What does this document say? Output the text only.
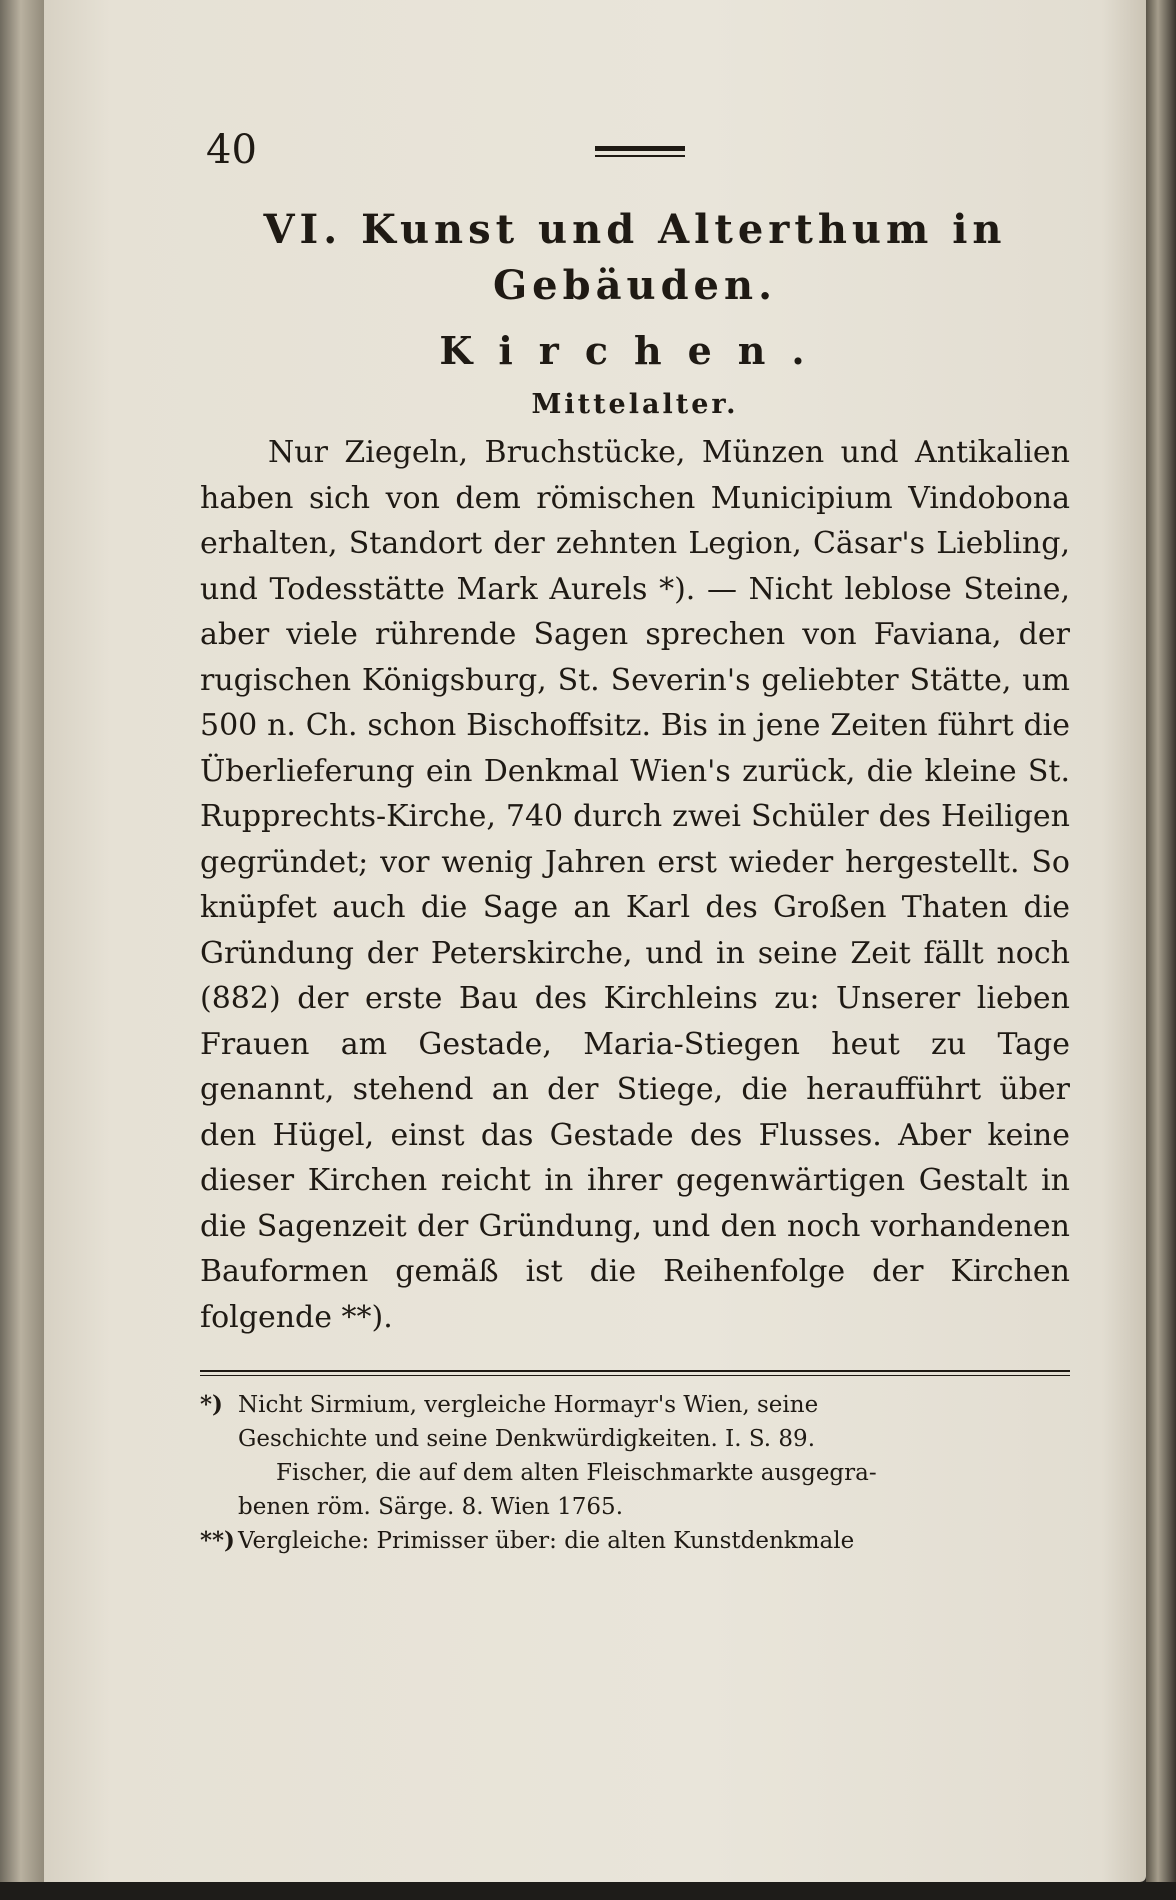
40
VI. Kunst und Alterthum in Gebäuden.
Kirchen.
Mittelalter.

Nur Ziegeln, Bruchstücke, Münzen und Antikalien haben sich von dem römischen Municipium Vindobona erhalten, Standort der zehnten Legion, Cäsar's Liebling, und Todesstätte Mark Aurels *). — Nicht leblose Steine, aber viele rührende Sagen sprechen von Faviana, der rugischen Königsburg, St. Severin's geliebter Stätte, um 500 n. Ch. schon Bischoffsitz. Bis in jene Zeiten führt die Überlieferung ein Denkmal Wien's zurück, die kleine St. Rupprechts-Kirche, 740 durch zwei Schüler des Heiligen gegründet; vor wenig Jahren erst wieder hergestellt. So knüpfet auch die Sage an Karl des Großen Thaten die Gründung der Peterskirche, und in seine Zeit fällt noch (882) der erste Bau des Kirchleins zu: Unserer lieben Frauen am Gestade, Maria-Stiegen heut zu Tage genannt, stehend an der Stiege, die heraufführt über den Hügel, einst das Gestade des Flusses. Aber keine dieser Kirchen reicht in ihrer gegenwärtigen Gestalt in die Sagenzeit der Gründung, und den noch vorhandenen Bauformen gemäß ist die Reihenfolge der Kirchen folgende **).

*) Nicht Sirmium, vergleiche Hormayr's Wien, seine

Geschichte und seine Denkwürdigkeiten. I. S. 89.

Fischer, die auf dem alten Fleischmarkte ausgegra-

benen röm. Särge. 8. Wien 1765.

**) Vergleiche: Primisser über: die alten Kunstdenkmale
